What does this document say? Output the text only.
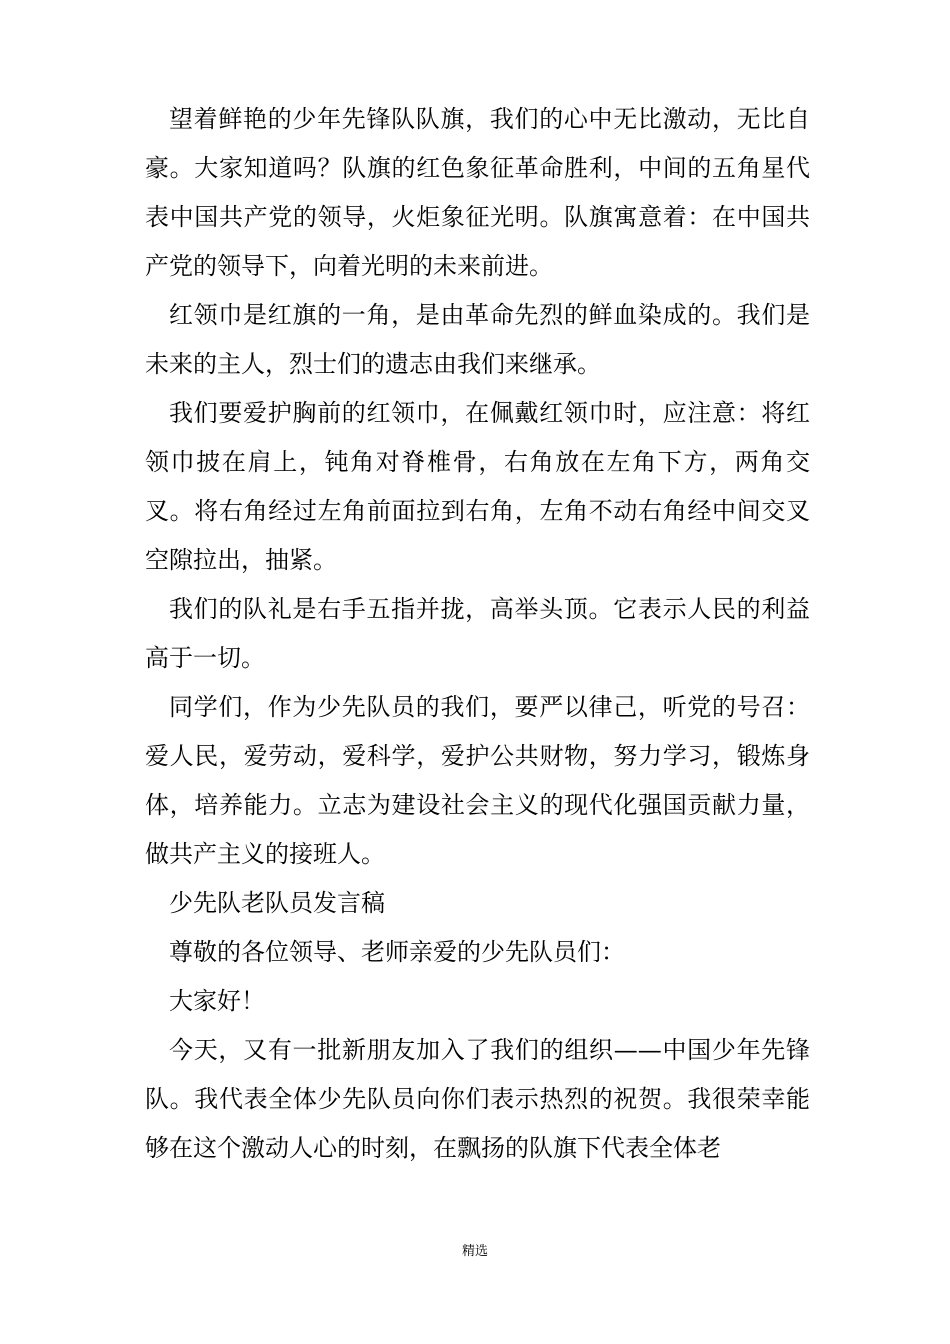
望着鲜艳的少年先锋队队旗，我们的心中无比激动，无比自豪。大家知道吗？队旗的红色象征革命胜利，中间的五角星代表中国共产党的领导，火炬象征光明。队旗寓意着：在中国共产党的领导下，向着光明的未来前进。

红领巾是红旗的一角，是由革命先烈的鲜血染成的。我们是未来的主人，烈士们的遗志由我们来继承。

我们要爱护胸前的红领巾，在佩戴红领巾时，应注意：将红领巾披在肩上，钝角对脊椎骨，右角放在左角下方，两角交叉。将右角经过左角前面拉到右角，左角不动右角经中间交叉空隙拉出，抽紧。

我们的队礼是右手五指并拢，高举头顶。它表示人民的利益高于一切。

同学们，作为少先队员的我们，要严以律己，听党的号召：爱人民，爱劳动，爱科学，爱护公共财物，努力学习，锻炼身体，培养能力。立志为建设社会主义的现代化强国贡献力量，做共产主义的接班人。

少先队老队员发言稿

尊敬的各位领导、老师亲爱的少先队员们：

大家好！

今天，又有一批新朋友加入了我们的组织——中国少年先锋队。我代表全体少先队员向你们表示热烈的祝贺。我很荣幸能够在这个激动人心的时刻，在飘扬的队旗下代表全体老

精选
